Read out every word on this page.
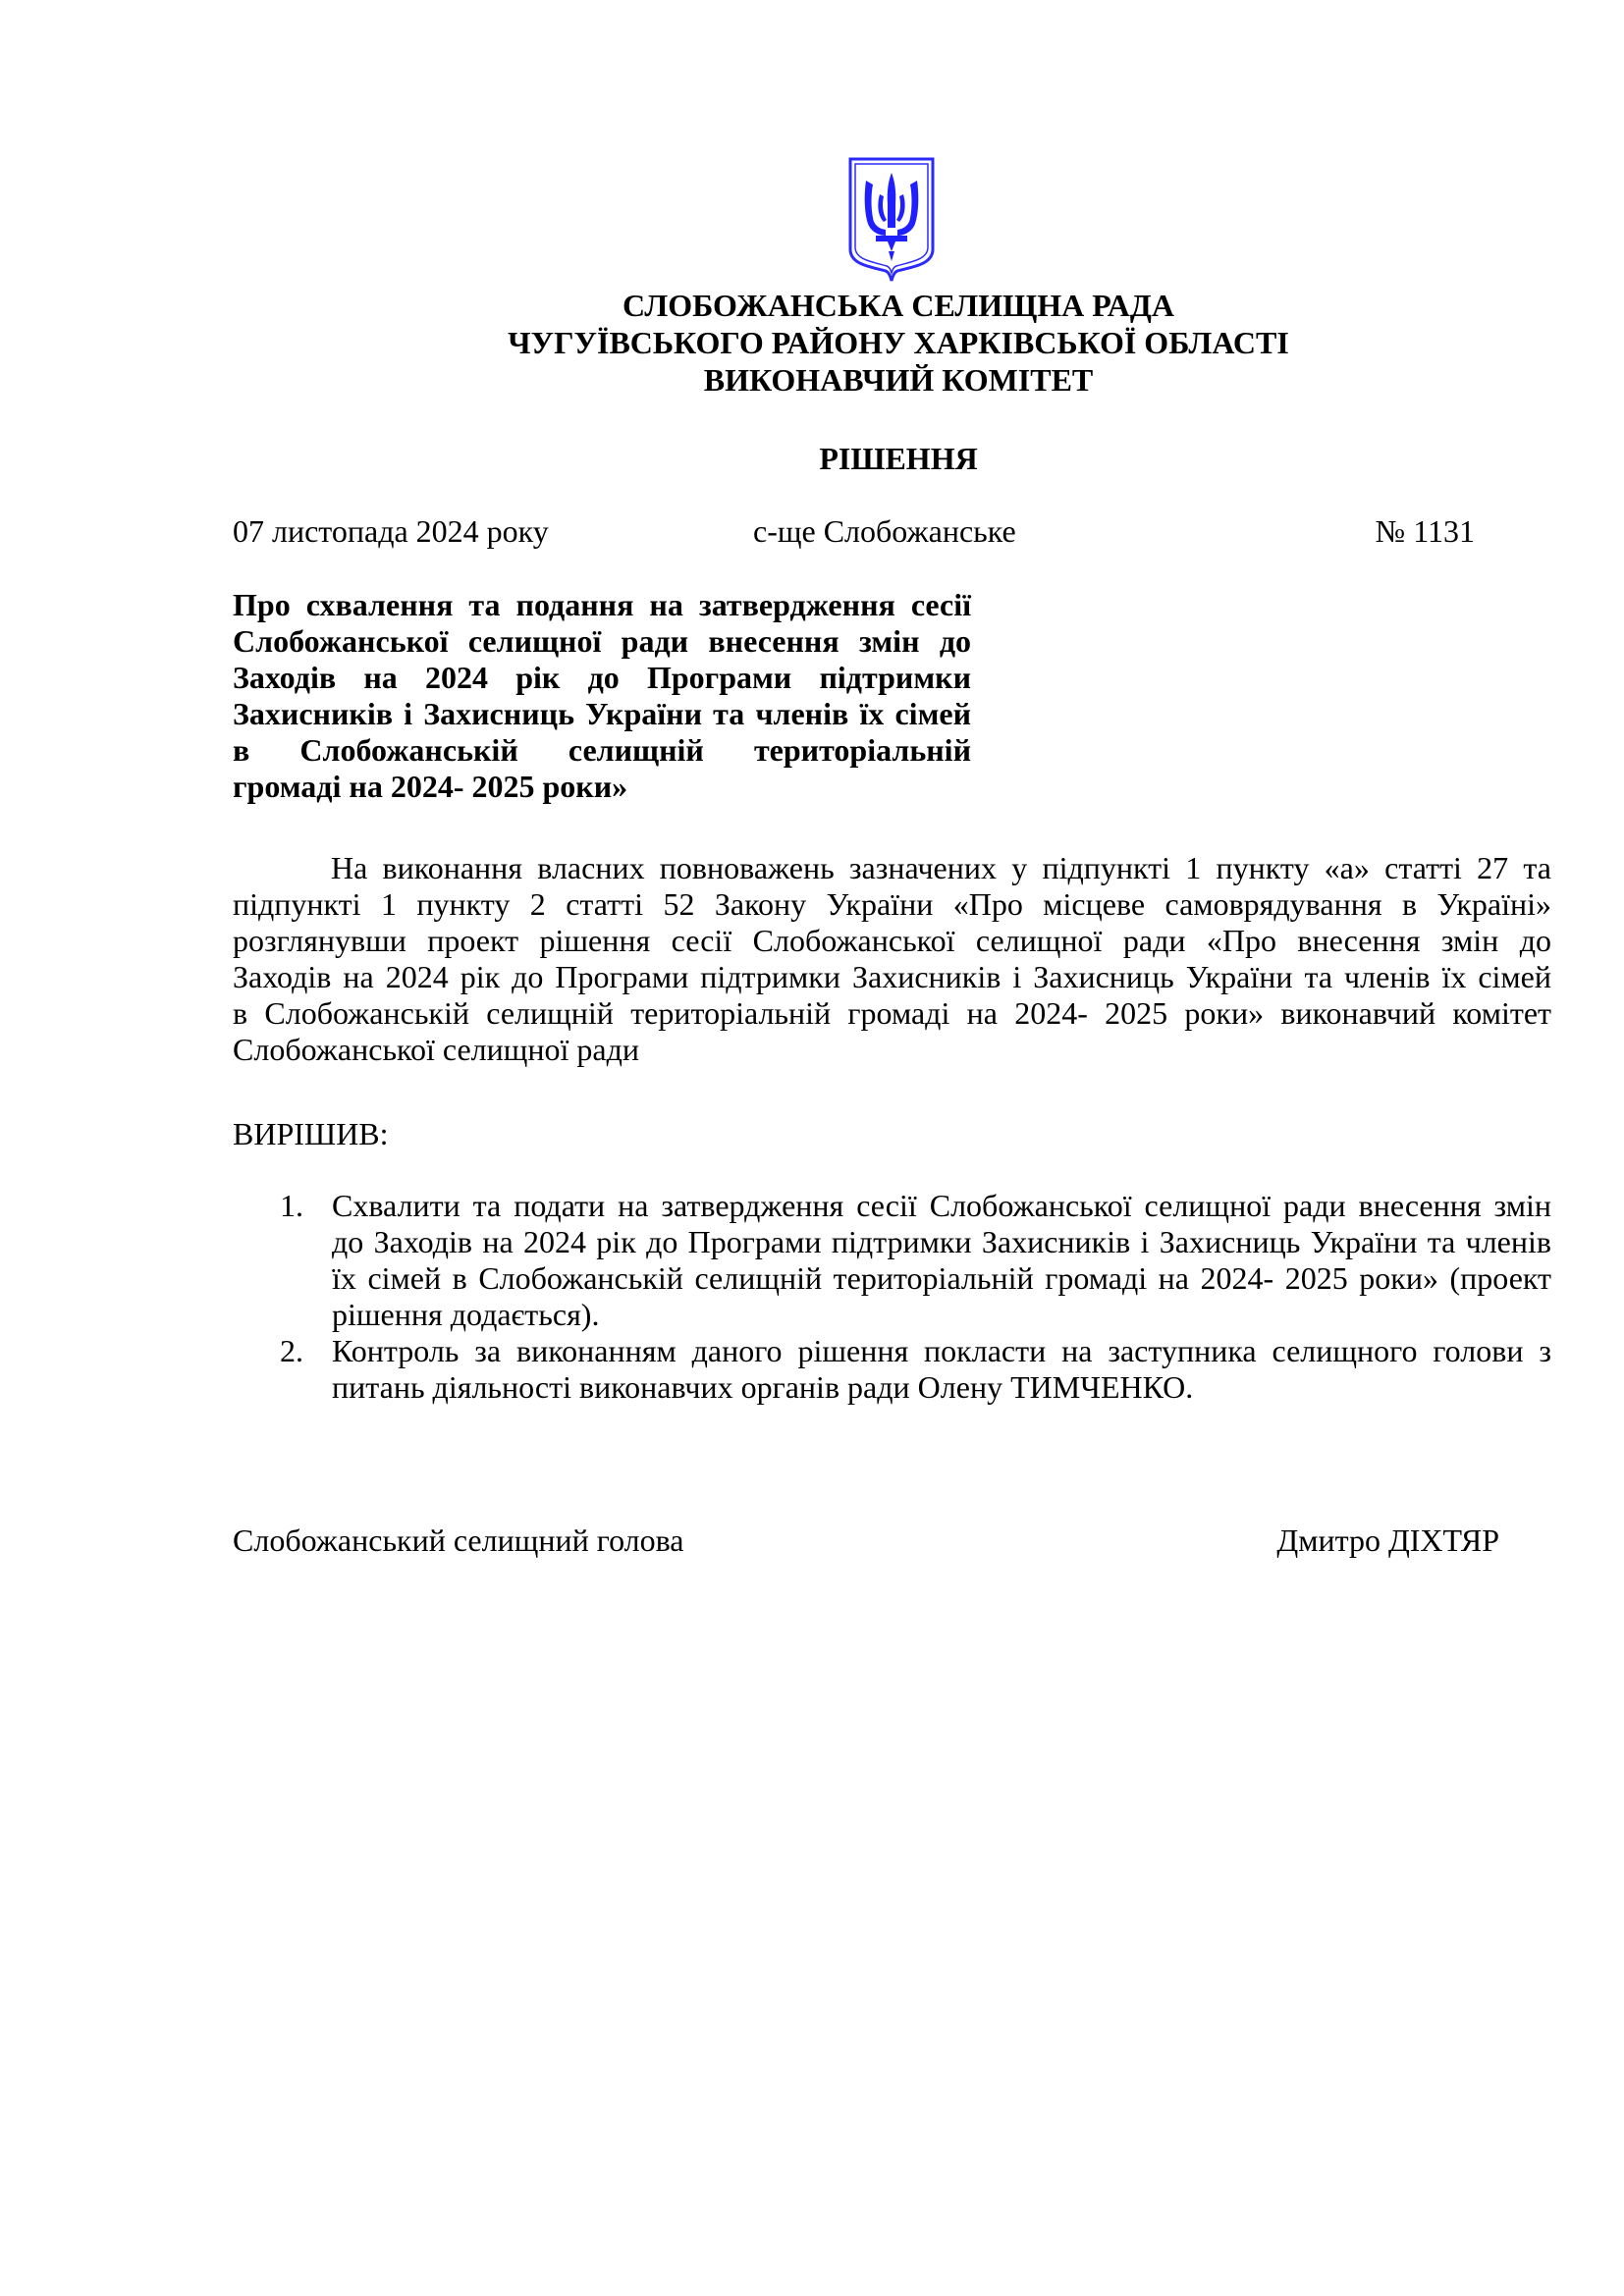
СЛОБОЖАНСЬКА СЕЛИЩНА РАДА
ЧУГУЇВСЬКОГО РАЙОНУ ХАРКІВСЬКОЇ ОБЛАСТІ
ВИКОНАВЧИЙ КОМІТЕТ
РІШЕННЯ
07 листопада 2024 року	с-ще Слобожанське	№ 1131
Про схвалення та подання на затвердження сесії
Слобожанської селищної ради внесення змін до
Заходів на 2024 рік до Програми підтримки
Захисників і Захисниць України та членів їх сімей
в Слобожанській селищній територіальній
громаді на 2024- 2025 роки»
На виконання власних повноважень зазначених у підпункті 1 пункту «а» статті 27 та
підпункті 1 пункту 2 статті 52 Закону України «Про місцеве самоврядування в Україні»
розглянувши проект рішення сесії Слобожанської селищної ради «Про внесення змін до
Заходів на 2024 рік до Програми підтримки Захисників і Захисниць України та членів їх сімей
в Слобожанській селищній територіальній громаді на 2024- 2025 роки» виконавчий комітет
Слобожанської селищної ради
ВИРІШИВ:
1. Схвалити та подати на затвердження сесії Слобожанської селищної ради внесення змін
до Заходів на 2024 рік до Програми підтримки Захисників і Захисниць України та членів
їх сімей в Слобожанській селищній територіальній громаді на 2024- 2025 роки» (проект
рішення додається).
2. Контроль за виконанням даного рішення покласти на заступника селищного голови з
питань діяльності виконавчих органів ради Олену ТИМЧЕНКО.
Слобожанський селищний голова	Дмитро ДІХТЯР
